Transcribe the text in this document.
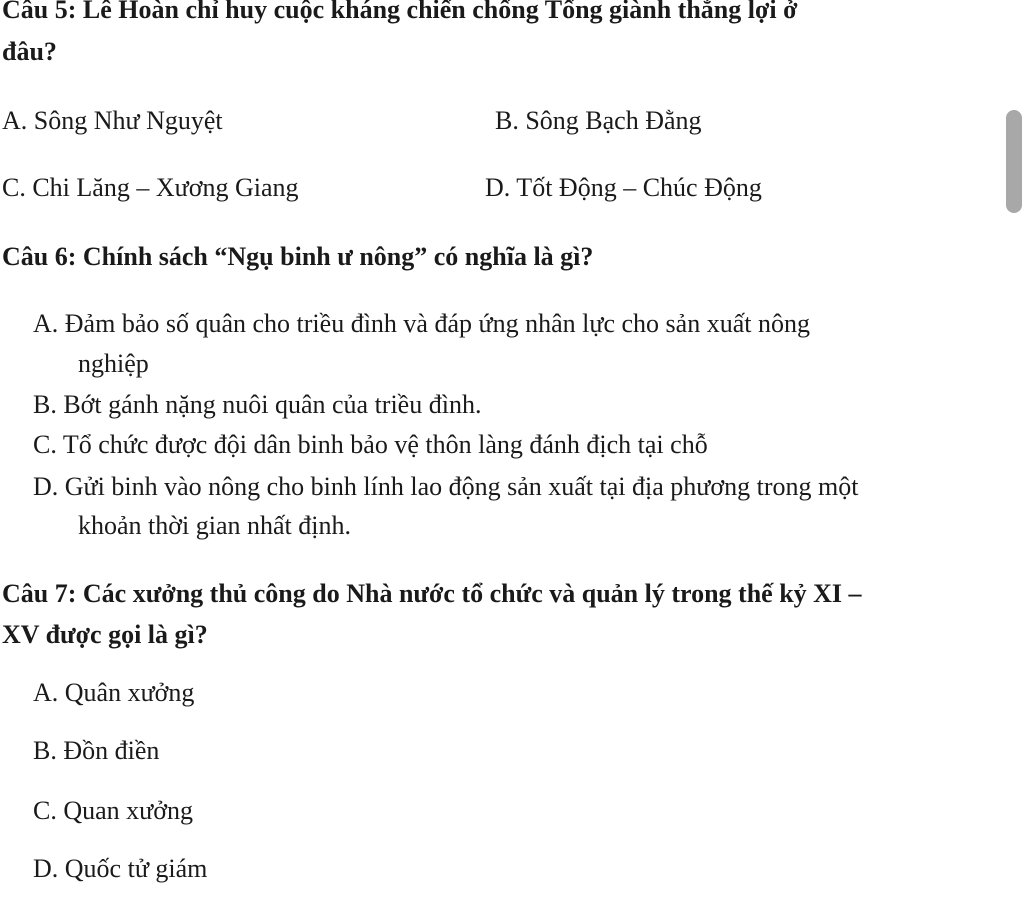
Câu 5: Lê Hoàn chỉ huy cuộc kháng chiến chống Tống giành thắng lợi ở
đâu?
A. Sông Như Nguyệt	B. Sông Bạch Đằng
C. Chi Lăng – Xương Giang	D. Tốt Động – Chúc Động
Câu 6: Chính sách “Ngụ binh ư nông” có nghĩa là gì?
A. Đảm bảo số quân cho triều đình và đáp ứng nhân lực cho sản xuất nông
nghiệp
B. Bớt gánh nặng nuôi quân của triều đình.
C. Tổ chức được đội dân binh bảo vệ thôn làng đánh địch tại chỗ
D. Gửi binh vào nông cho binh lính lao động sản xuất tại địa phương trong một
khoản thời gian nhất định.
Câu 7: Các xưởng thủ công do Nhà nước tổ chức và quản lý trong thế kỷ XI –
XV được gọi là gì?
A. Quân xưởng
B. Đồn điền
C. Quan xưởng
D. Quốc tử giám
